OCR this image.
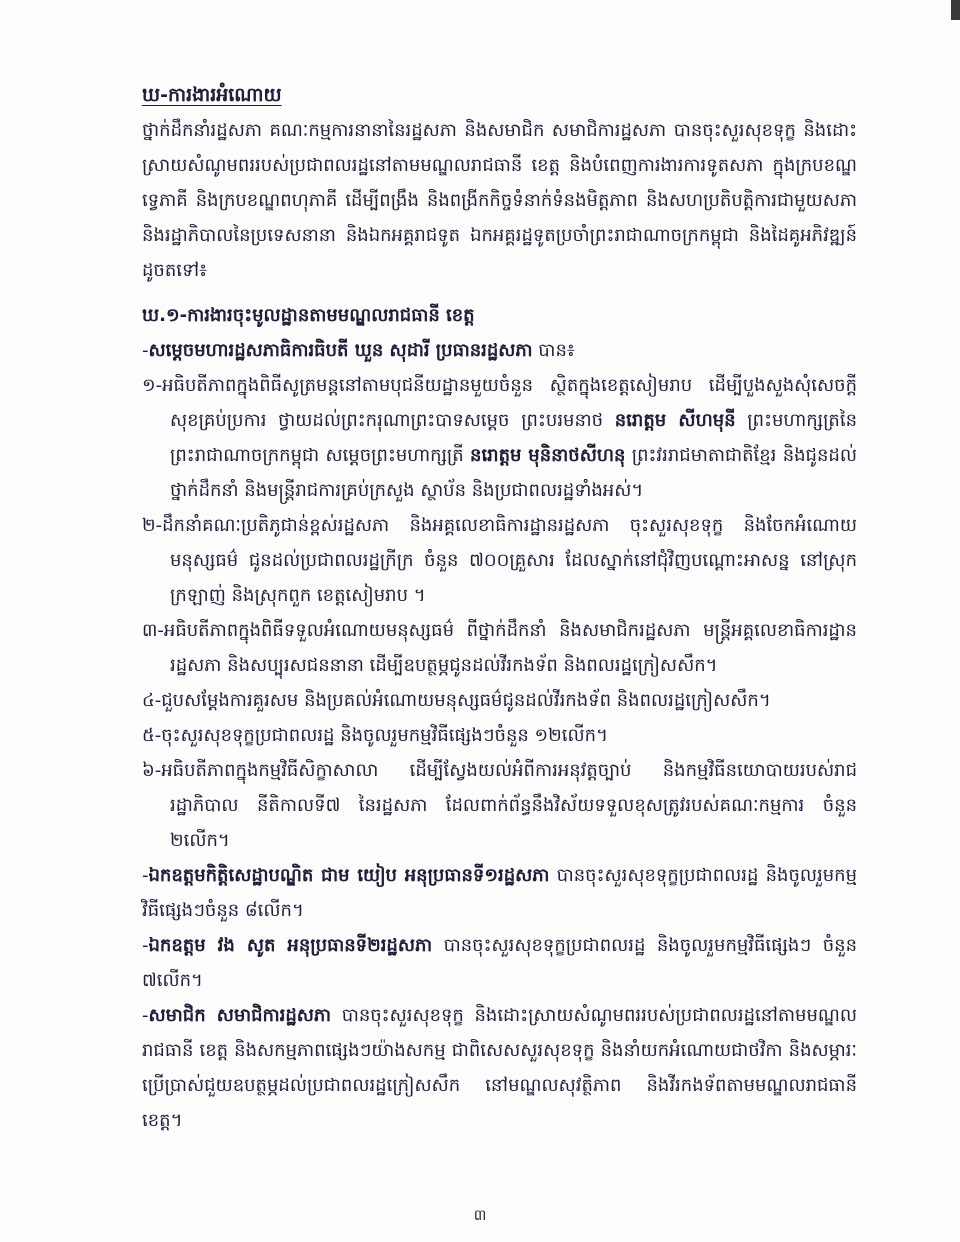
ឃ-ការងារអំណោយ
ថ្នាក់ដឹកនាំរដ្ឋសភា គណៈកម្មការនានានៃរដ្ឋសភា និងសមាជិក សមាជិការដ្ឋសភា បានចុះសួរសុខទុក្ខ និងដោះស្រាយសំណូមពររបស់ប្រជាពលរដ្ឋនៅតាមមណ្ឌលរាជធានី ខេត្ត និងបំពេញការងារការទូតសភា ក្នុងក្របខណ្ឌទ្វេភាគី និងក្របខណ្ឌពហុភាគី ដើម្បីពង្រឹង និងពង្រីកកិច្ចទំនាក់ទំនងមិត្តភាព និងសហប្រតិបត្តិការជាមួយសភា និងរដ្ឋាភិបាលនៃប្រទេសនានា និងឯកអគ្គរាជទូត ឯកអគ្គរដ្ឋទូតប្រចាំព្រះរាជាណាចក្រកម្ពុជា និងដៃគូអភិវឌ្ឍន៍ ដូចតទៅ៖
ឃ.១-ការងារចុះមូលដ្ឋានតាមមណ្ឌលរាជធានី ខេត្ត
-សម្តេចមហារដ្ឋសភាធិការធិបតី ឃួន សុដារី ប្រធានរដ្ឋសភា បាន៖
១-អធិបតីភាពក្នុងពិធីសូត្រមន្តនៅតាមបុជនីយដ្ឋានមួយចំនួន ស្ថិតក្នុងខេត្តសៀមរាប ដើម្បីបួងសួងសុំសេចក្តីសុខគ្រប់ប្រការ ថ្វាយដល់ព្រះករុណាព្រះបាទសម្តេច ព្រះបរមនាថ នរោត្តម សីហមុនី ព្រះមហាក្សត្រនៃព្រះរាជាណាចក្រកម្ពុជា សម្តេចព្រះមហាក្សត្រី នរោត្តម មុនិនាថសីហនុ ព្រះវររាជមាតាជាតិខ្មែរ និងជូនដល់ថ្នាក់ដឹកនាំ និងមន្ត្រីរាជការគ្រប់ក្រសួង ស្ថាប័ន និងប្រជាពលរដ្ឋទាំងអស់។
២-ដឹកនាំគណៈប្រតិភូជាន់ខ្ពស់រដ្ឋសភា និងអគ្គលេខាធិការដ្ឋានរដ្ឋសភា ចុះសួរសុខទុក្ខ និងចែកអំណោយមនុស្សធម៌ ជូនដល់ប្រជាពលរដ្ឋក្រីក្រ ចំនួន ៧០០គ្រួសារ ដែលស្នាក់នៅជុំវិញបណ្តោះអាសន្ន នៅស្រុកក្រឡាញ់ និងស្រុកពួក ខេត្តសៀមរាប ។
៣-អធិបតីភាពក្នុងពិធីទទួលអំណោយមនុស្សធម៌ ពីថ្នាក់ដឹកនាំ និងសមាជិករដ្ឋសភា មន្ត្រីអគ្គលេខាធិការដ្ឋានរដ្ឋសភា និងសប្បុរសជននានា ដើម្បីឧបត្ថម្ភជូនដល់វីរកងទ័ព និងពលរដ្ឋក្រៀសសឹក។
៤-ជួបសម្តែងការគួរសម និងប្រគល់អំណោយមនុស្សធម៌ជូនដល់វីរកងទ័ព និងពលរដ្ឋក្រៀសសឹក។
៥-ចុះសួរសុខទុក្ខប្រជាពលរដ្ឋ និងចូលរួមកម្មវិធីផ្សេងៗចំនួន ១២លើក។
៦-អធិបតីភាពក្នុងកម្មវិធីសិក្ខាសាលា ដើម្បីស្វែងយល់អំពីការអនុវត្តច្បាប់ និងកម្មវិធីនយោបាយរបស់រាជរដ្ឋាភិបាល នីតិកាលទី៧ នៃរដ្ឋសភា ដែលពាក់ព័ន្ធនឹងវិស័យទទួលខុសត្រូវរបស់គណៈកម្មការ ចំនួន ២លើក។
-ឯកឧត្តមកិត្តិសេដ្ឋាបណ្ឌិត ជាម យៀប អនុប្រធានទី១រដ្ឋសភា បានចុះសួរសុខទុក្ខប្រជាពលរដ្ឋ និងចូលរួមកម្មវិធីផ្សេងៗចំនួន ៨លើក។
-ឯកឧត្តម វង សូត អនុប្រធានទី២រដ្ឋសភា បានចុះសួរសុខទុក្ខប្រជាពលរដ្ឋ និងចូលរួមកម្មវិធីផ្សេងៗ ចំនួន ៧លើក។
-សមាជិក សមាជិការដ្ឋសភា បានចុះសួរសុខទុក្ខ និងដោះស្រាយសំណូមពររបស់ប្រជាពលរដ្ឋនៅតាមមណ្ឌលរាជធានី ខេត្ត និងសកម្មភាពផ្សេងៗយ៉ាងសកម្ម ជាពិសេសសួរសុខទុក្ខ និងនាំយកអំណោយជាថវិកា និងសម្ភារៈប្រើប្រាស់ជួយឧបត្ថម្ភដល់ប្រជាពលរដ្ឋក្រៀសសឹក នៅមណ្ឌលសុវត្ថិភាព និងវីរកងទ័ពតាមមណ្ឌលរាជធានី ខេត្ត។
៣
